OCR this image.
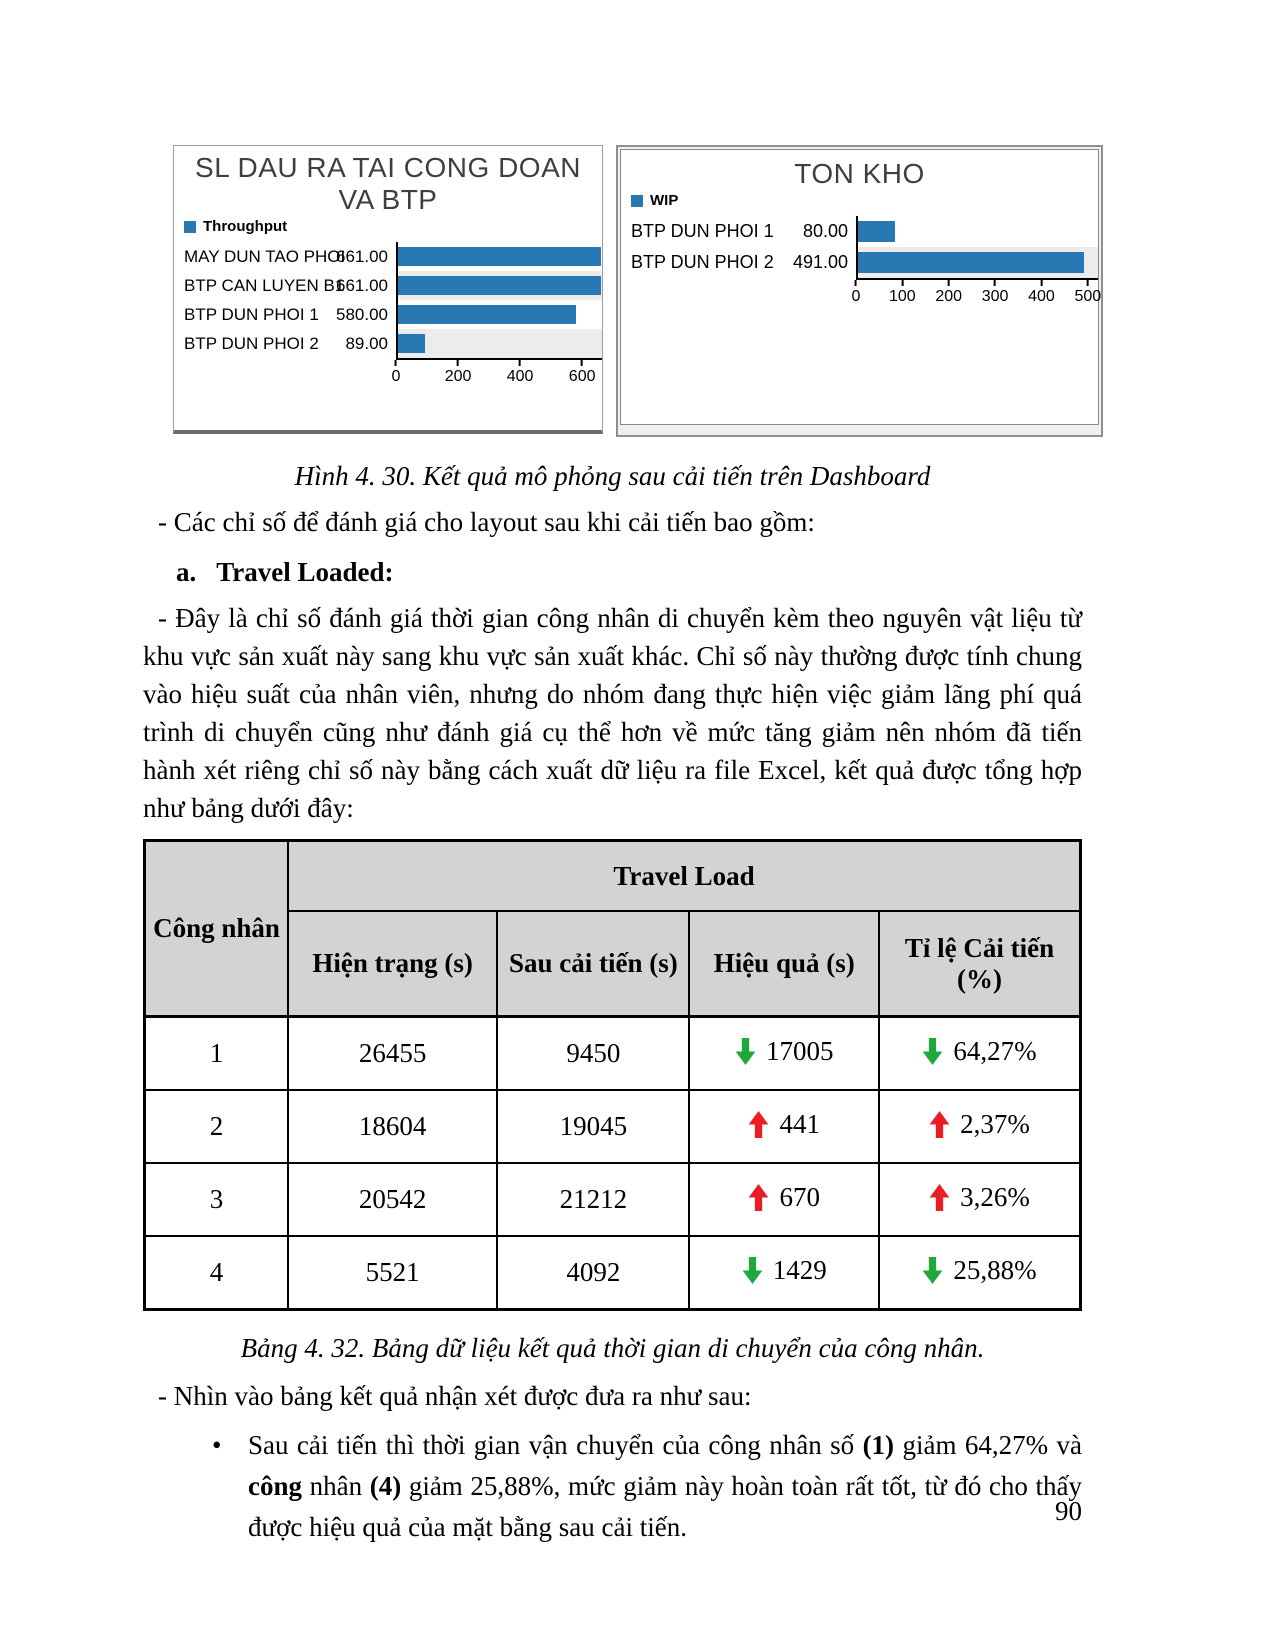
SL DAU RA TAI CONG DOAN VA BTP
Throughput
MAY DUN TAO PHOI
661.00
BTP CAN LUYEN B1
661.00
BTP DUN PHOI 1	580.00
BTP DUN PHOI 2	89.00
0	200 400 600
TON KHO
WIP
BTP DUN PHOI 1	80.00
BTP DUN PHOI 2	491.00
0 100 200 300 400 500
Hình 4. 30. Kết quả mô phỏng sau cải tiến trên Dashboard
- Các chỉ số để đánh giá cho layout sau khi cải tiến bao gồm:
a. Travel Loaded:
- Đây là chỉ số đánh giá thời gian công nhân di chuyển kèm theo nguyên vật liệu từ khu vực sản xuất này sang khu vực sản xuất khác. Chỉ số này thường được tính chung vào hiệu suất của nhân viên, nhưng do nhóm đang thực hiện việc giảm lãng phí quá trình di chuyển cũng như đánh giá cụ thể hơn về mức tăng giảm nên nhóm đã tiến hành xét riêng chỉ số này bằng cách xuất dữ liệu ra file Excel, kết quả được tổng hợp như bảng dưới đây:
Công nhân	Travel Load			
	Hiện trạng (s)	Sau cải tiến (s)	Hiệu quả (s)	Tỉ lệ Cải tiến (%)
1	26455	9450	17005	64,27%

2	18604	19045	441	2,37%

3	20542	21212	670	3,26%

4	5521	4092	1429	25,88%
Bảng 4. 32. Bảng dữ liệu kết quả thời gian di chuyển của công nhân.
- Nhìn vào bảng kết quả nhận xét được đưa ra như sau:
• Sau cải tiến thì thời gian vận chuyển của công nhân số (1) giảm 64,27% và công nhân (4) giảm 25,88%, mức giảm này hoàn toàn rất tốt, từ đó cho thấy được hiệu quả của mặt bằng sau cải tiến.
90
